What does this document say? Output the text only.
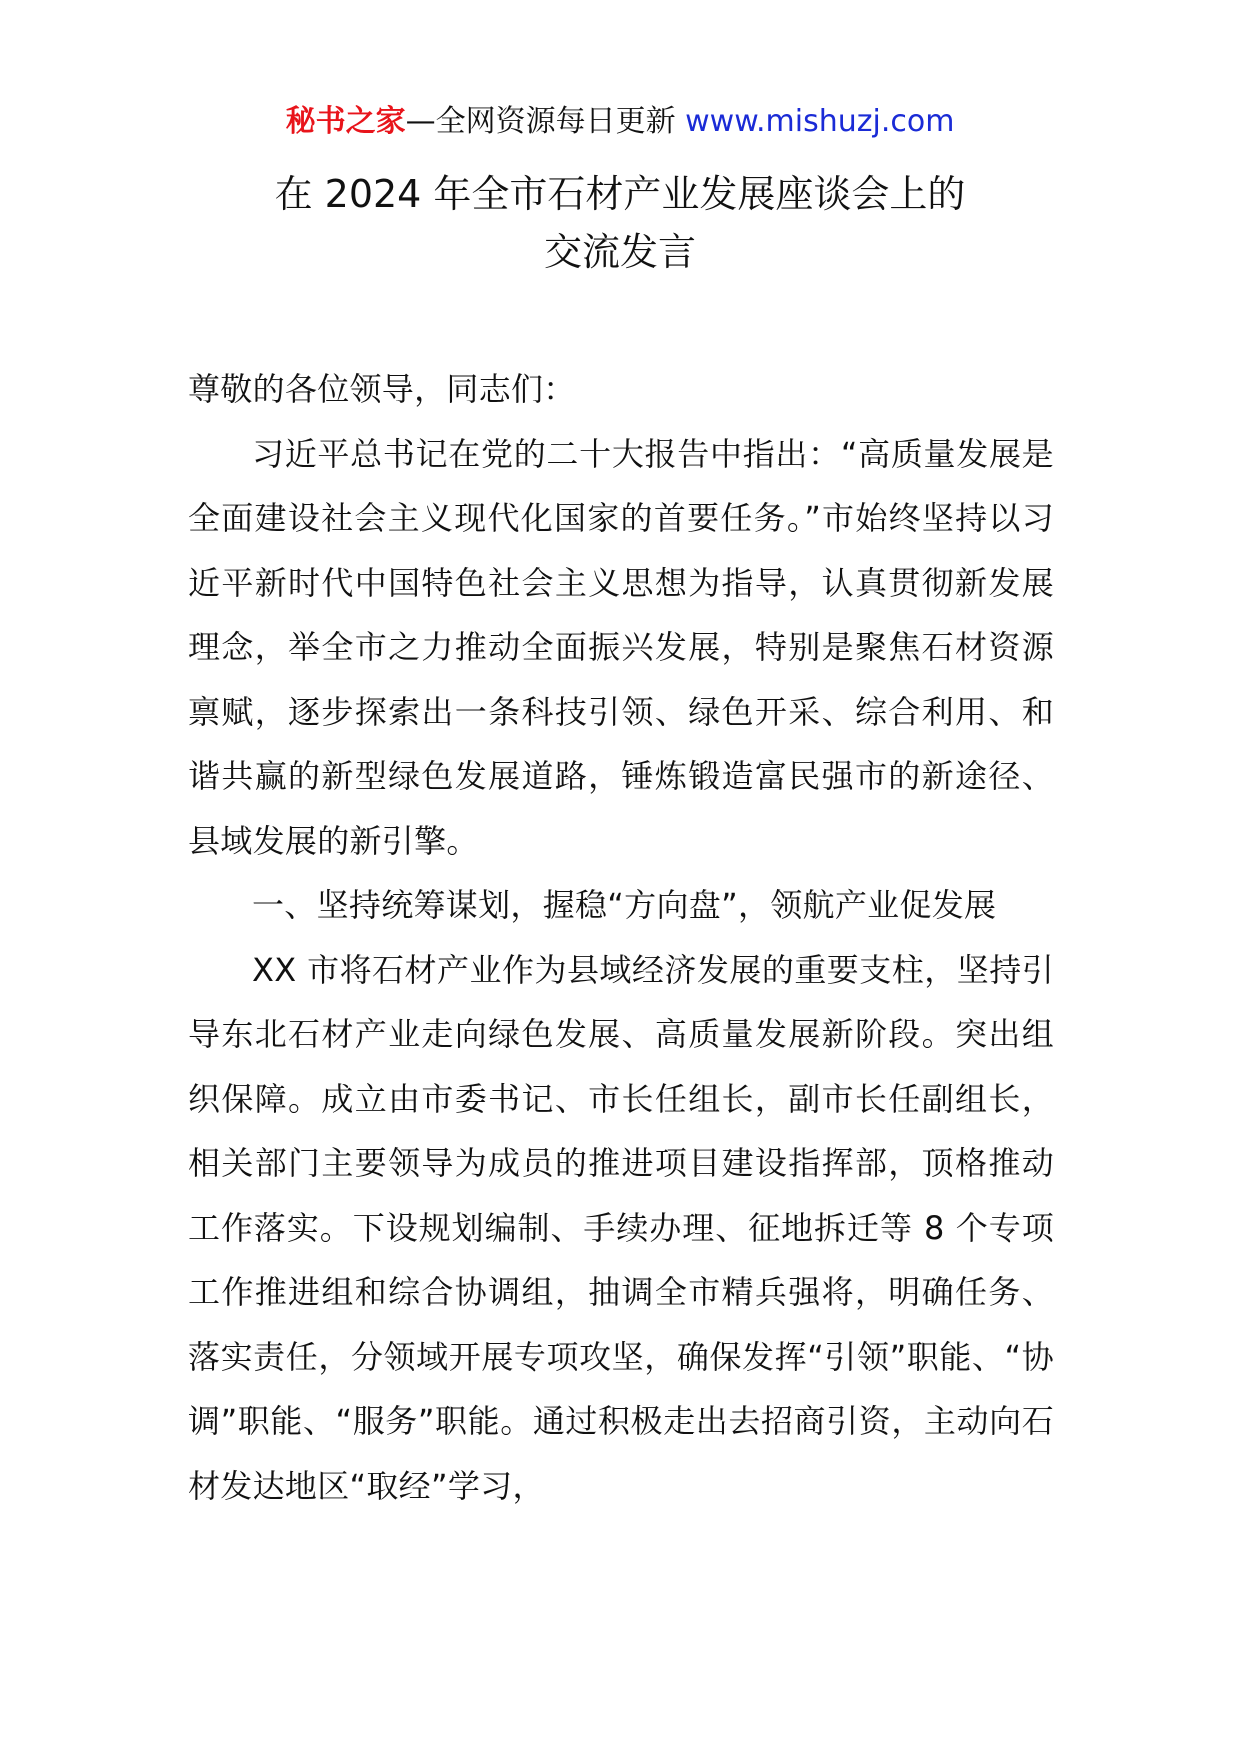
秘书之家—全网资源每日更新 www.mishuzj.com
在 2024 年全市石材产业发展座谈会上的
交流发言

尊敬的各位领导，同志们：

习近平总书记在党的二十大报告中指出：“高质量发展是全面建设社会主义现代化国家的首要任务。”市始终坚持以习近平新时代中国特色社会主义思想为指导，认真贯彻新发展理念，举全市之力推动全面振兴发展，特别是聚焦石材资源禀赋，逐步探索出一条科技引领、绿色开采、综合利用、和谐共赢的新型绿色发展道路，锤炼锻造富民强市的新途径、县域发展的新引擎。

一、坚持统筹谋划，握稳“方向盘”，领航产业促发展

XX 市将石材产业作为县域经济发展的重要支柱，坚持引导东北石材产业走向绿色发展、高质量发展新阶段。突出组织保障。成立由市委书记、市长任组长，副市长任副组长，相关部门主要领导为成员的推进项目建设指挥部，顶格推动工作落实。下设规划编制、手续办理、征地拆迁等 8 个专项工作推进组和综合协调组，抽调全市精兵强将，明确任务、落实责任，分领域开展专项攻坚，确保发挥“引领”职能、“协调”职能、“服务”职能。通过积极走出去招商引资，主动向石材发达地区“取经”学习，
